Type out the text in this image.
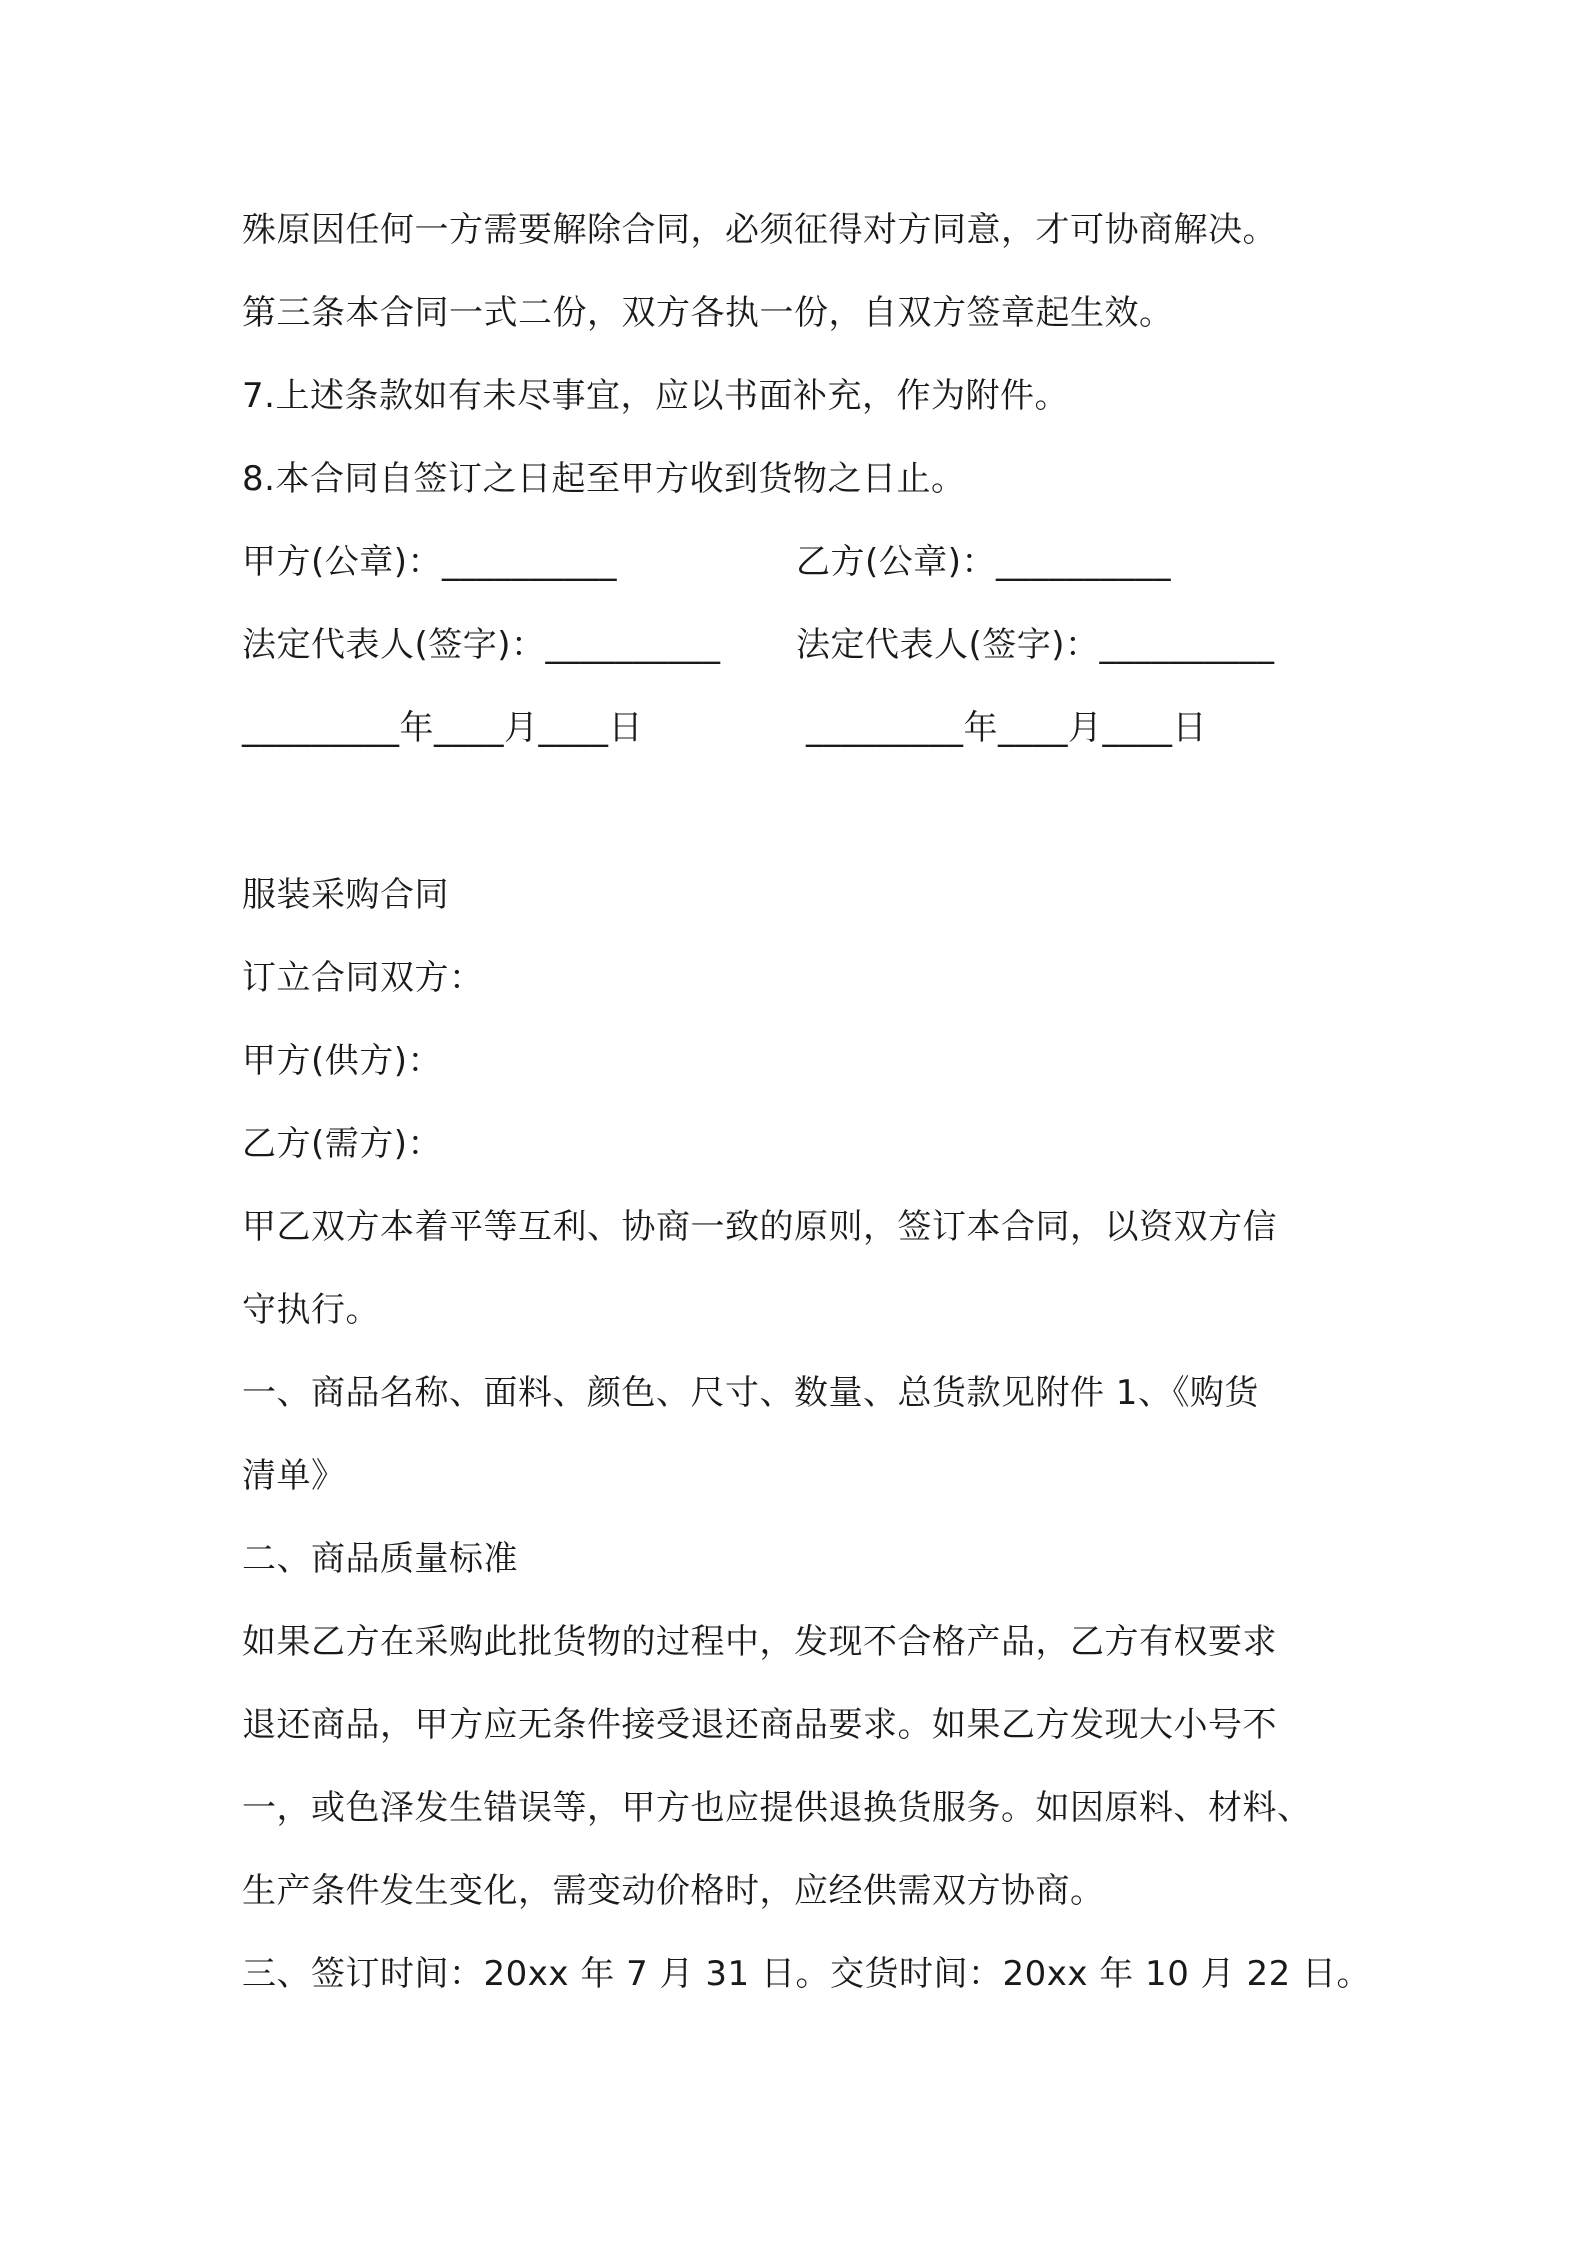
殊原因任何一方需要解除合同，必须征得对方同意，才可协商解决。
第三条本合同一式二份，双方各执一份，自双方签章起生效。
7.上述条款如有未尽事宜，应以书面补充，作为附件。
8.本合同自签订之日起至甲方收到货物之日止。
甲方(公章)：__________	乙方(公章)：__________
法定代表人(签字)：__________ 法定代表人(签字)：__________
_________年____月____日	_________年____月____日
服装采购合同
订立合同双方：
甲方(供方)：
乙方(需方)：
甲乙双方本着平等互利、协商一致的原则，签订本合同，以资双方信
守执行。
一、商品名称、面料、颜色、尺寸、数量、总货款见附件 1、《购货
清单》
二、商品质量标准
如果乙方在采购此批货物的过程中，发现不合格产品，乙方有权要求
退还商品，甲方应无条件接受退还商品要求。如果乙方发现大小号不
一，或色泽发生错误等，甲方也应提供退换货服务。如因原料、材料、
生产条件发生变化，需变动价格时，应经供需双方协商。
三、签订时间：20xx 年 7 月 31 日。交货时间：20xx 年 10 月 22 日。
